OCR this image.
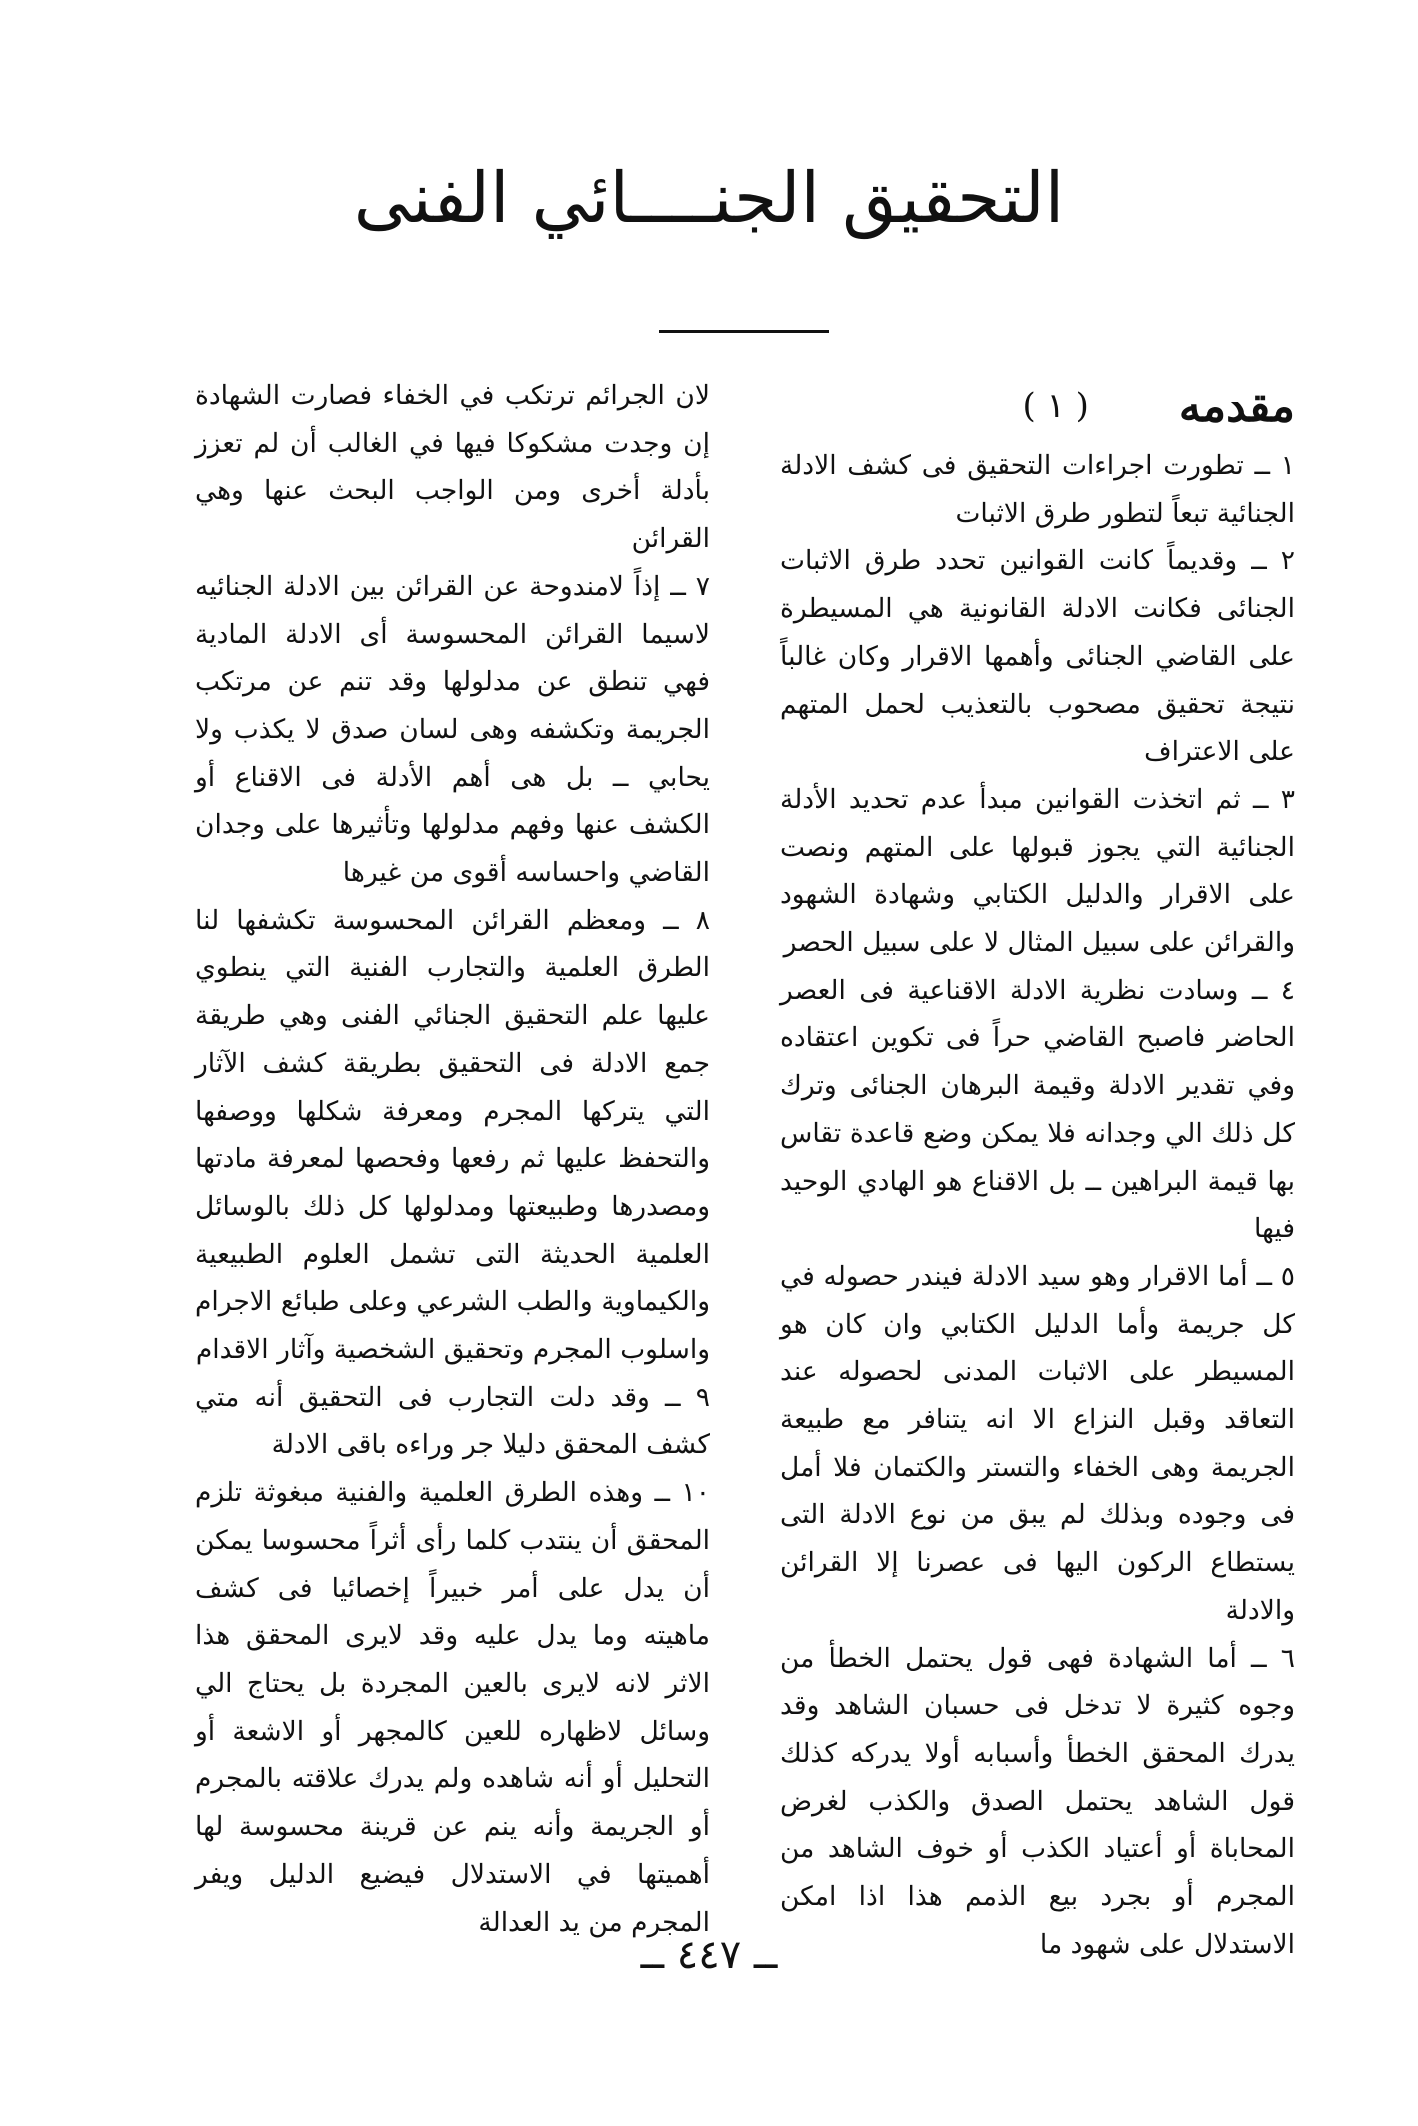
التحقيق الجنــــائي الفنى
مقدمه
( ١ )

١ ــ تطورت اجراءات التحقيق فى كشف الادلة الجنائية تبعاً لتطور طرق الاثبات

٢ ــ وقديماً كانت القوانين تحدد طرق الاثبات الجنائى فكانت الادلة القانونية هي المسيطرة على القاضي الجنائى وأهمها الاقرار وكان غالباً نتيجة تحقيق مصحوب بالتعذيب لحمل المتهم على الاعتراف

٣ ــ ثم اتخذت القوانين مبدأ عدم تحديد الأدلة الجنائية التي يجوز قبولها على المتهم ونصت على الاقرار والدليل الكتابي وشهادة الشهود والقرائن على سبيل المثال لا على سبيل الحصر

٤ ــ وسادت نظرية الادلة الاقناعية فى العصر الحاضر فاصبح القاضي حراً فى تكوين اعتقاده وفي تقدير الادلة وقيمة البرهان الجنائى وترك كل ذلك الي وجدانه فلا يمكن وضع قاعدة تقاس بها قيمة البراهين ــ بل الاقناع هو الهادي الوحيد فيها

٥ ــ أما الاقرار وهو سيد الادلة فيندر حصوله في كل جريمة وأما الدليل الكتابي وان كان هو المسيطر على الاثبات المدنى لحصوله عند التعاقد وقبل النزاع الا انه يتنافر مع طبيعة الجريمة وهى الخفاء والتستر والكتمان فلا أمل فى وجوده وبذلك لم يبق من نوع الادلة التى يستطاع الركون اليها فى عصرنا إلا القرائن والادلة

٦ ــ أما الشهادة فهى قول يحتمل الخطأ من وجوه كثيرة لا تدخل فى حسبان الشاهد وقد يدرك المحقق الخطأ وأسبابه أولا يدركه كذلك قول الشاهد يحتمل الصدق والكذب لغرض المحاباة أو أعتياد الكذب أو خوف الشاهد من المجرم أو بجرد بيع الذمم هذا اذا امكن الاستدلال على شهود ما

لان الجرائم ترتكب في الخفاء فصارت الشهادة إن وجدت مشكوكا فيها في الغالب أن لم تعزز بأدلة أخرى ومن الواجب البحث عنها وهي القرائن

٧ ــ إذاً لامندوحة عن القرائن بين الادلة الجنائيه لاسيما القرائن المحسوسة أى الادلة المادية فهي تنطق عن مدلولها وقد تنم عن مرتكب الجريمة وتكشفه وهى لسان صدق لا يكذب ولا يحابي ــ بل هى أهم الأدلة فى الاقناع أو الكشف عنها وفهم مدلولها وتأثيرها على وجدان القاضي واحساسه أقوى من غيرها

٨ ــ ومعظم القرائن المحسوسة تكشفها لنا الطرق العلمية والتجارب الفنية التي ينطوي عليها علم التحقيق الجنائي الفنى وهي طريقة جمع الادلة فى التحقيق بطريقة كشف الآثار التي يتركها المجرم ومعرفة شكلها ووصفها والتحفظ عليها ثم رفعها وفحصها لمعرفة مادتها ومصدرها وطبيعتها ومدلولها كل ذلك بالوسائل العلمية الحديثة التى تشمل العلوم الطبيعية والكيماوية والطب الشرعي وعلى طبائع الاجرام واسلوب المجرم وتحقيق الشخصية وآثار الاقدام

٩ ــ وقد دلت التجارب فى التحقيق أنه متي كشف المحقق دليلا جر وراءه باقى الادلة

١٠ ــ وهذه الطرق العلمية والفنية مبغوثة تلزم المحقق أن ينتدب كلما رأى أثراً محسوسا يمكن أن يدل على أمر خبيراً إخصائيا فى كشف ماهيته وما يدل عليه وقد لايرى المحقق هذا الاثر لانه لايرى بالعين المجردة بل يحتاج الي وسائل لاظهاره للعين كالمجهر أو الاشعة أو التحليل أو أنه شاهده ولم يدرك علاقته بالمجرم أو الجريمة وأنه ينم عن قرينة محسوسة لها أهميتها في الاستدلال فيضيع الدليل ويفر المجرم من يد العدالة

ــ ٤٤٧ ــ
